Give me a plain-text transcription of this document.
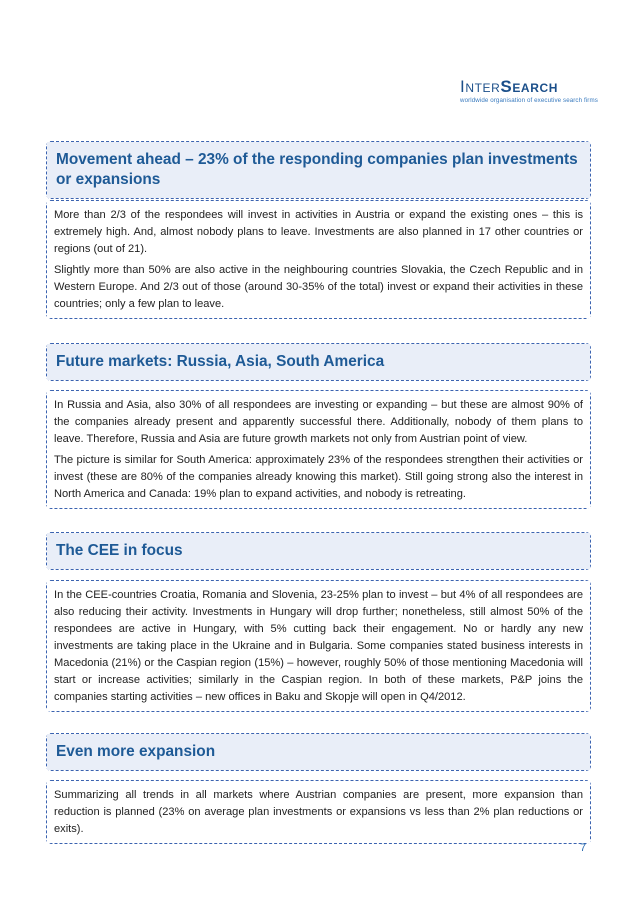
InterSearch
worldwide organisation of executive search firms
Movement ahead – 23% of the responding companies plan investments or expansions

More than 2/3 of the respondees will invest in activities in Austria or expand the existing ones – this is extremely high. And, almost nobody plans to leave. Investments are also planned in 17 other countries or regions (out of 21).

Slightly more than 50% are also active in the neighbouring countries Slovakia, the Czech Republic and in Western Europe. And 2/3 out of those (around 30-35% of the total) invest or expand their activities in these countries; only a few plan to leave.

Future markets: Russia, Asia, South America

In Russia and Asia, also 30% of all respondees are investing or expanding – but these are almost 90% of the companies already present and apparently successful there. Additionally, nobody of them plans to leave. Therefore, Russia and Asia are future growth markets not only from Austrian point of view.

The picture is similar for South America: approximately 23% of the respondees strengthen their activities or invest (these are 80% of the companies already knowing this market). Still going strong also the interest in North America and Canada: 19% plan to expand activities, and nobody is retreating.

The CEE in focus

In the CEE-countries Croatia, Romania and Slovenia, 23-25% plan to invest – but 4% of all respondees are also reducing their activity. Investments in Hungary will drop further; nonetheless, still almost 50% of the respondees are active in Hungary, with 5% cutting back their engagement. No or hardly any new investments are taking place in the Ukraine and in Bulgaria. Some companies stated business interests in Macedonia (21%) or the Caspian region (15%) – however, roughly 50% of those mentioning Macedonia will start or increase activities; similarly in the Caspian region. In both of these markets, P&P joins the companies starting activities – new offices in Baku and Skopje will open in Q4/2012.

Even more expansion

Summarizing all trends in all markets where Austrian companies are present, more expansion than reduction is planned (23% on average plan investments or expansions vs less than 2% plan reductions or exits).

7
